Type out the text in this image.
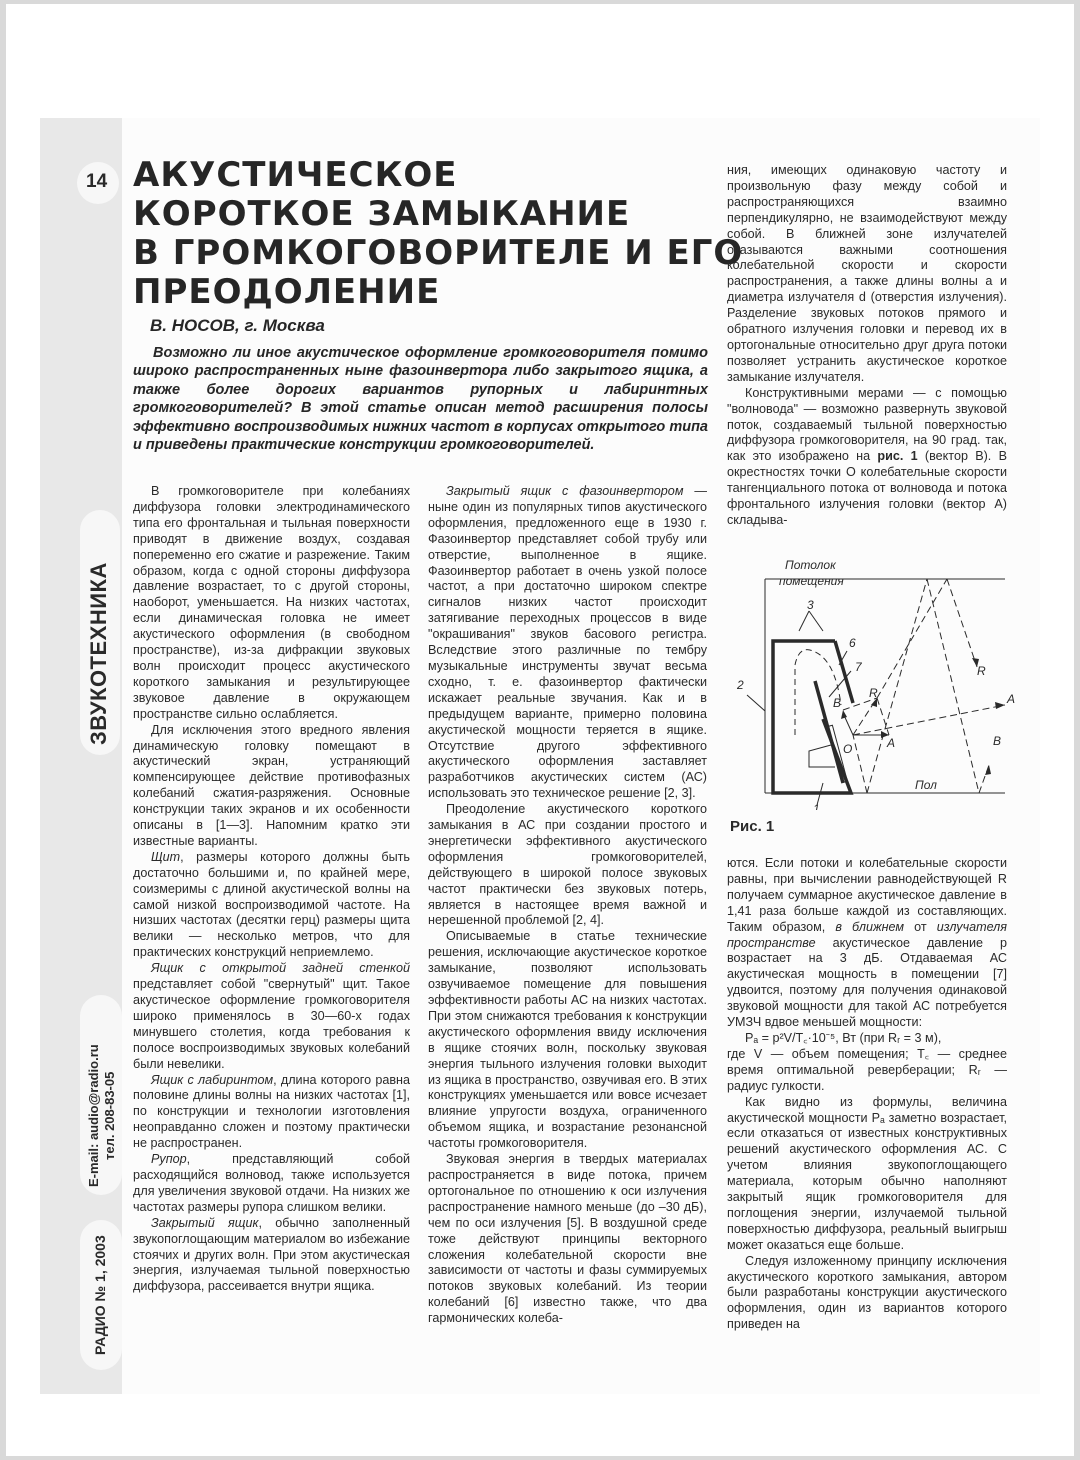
14
ЗВУКОТЕХНИКА
E-mail: audio@radio.ru тел. 208-83-05
РАДИО № 1, 2003
АКУСТИЧЕСКОЕ
КОРОТКОЕ ЗАМЫКАНИЕ
В ГРОМКОГОВОРИТЕЛЕ И ЕГО
ПРЕОДОЛЕНИЕ
В. НОСОВ, г. Москва
Возможно ли иное акустическое оформление громкоговорителя помимо широко распространенных ныне фазоинвертора либо закрытого ящика, а также более дорогих вариантов рупорных и лабиринтных громкоговорителей? В этой статье описан метод расширения полосы эффективно воспроизводимых нижних частот в корпусах открытого типа и приведены практические конструкции громкоговорителей.

В громкоговорителе при колебаниях диффузора головки электродинамического типа его фронтальная и тыльная поверхности приводят в движение воздух, создавая попеременно его сжатие и разрежение. Таким образом, когда с одной стороны диффузора давление возрастает, то с другой стороны, наоборот, уменьшается. На низких частотах, если динамическая головка не имеет акустического оформления (в свободном пространстве), из-за дифракции звуковых волн происходит процесс акустического короткого замыкания и результирующее звуковое давление в окружающем пространстве сильно ослабляется.

Для исключения этого вредного явления динамическую головку помещают в акустический экран, устраняющий компенсирующее действие противофазных колебаний сжатия-разряжения. Основные конструкции таких экранов и их особенности описаны в [1—3]. Напомним кратко эти известные варианты.

Щит, размеры которого должны быть достаточно большими и, по крайней мере, соизмеримы с длиной акустической волны на самой низкой воспроизводимой частоте. На низших частотах (десятки герц) размеры щита велики — несколько метров, что для практических конструкций неприемлемо.

Ящик с открытой задней стенкой представляет собой "свернутый" щит. Такое акустическое оформление громкоговорителя широко применялось в 30—60-х годах минувшего столетия, когда требования к полосе воспроизводимых звуковых колебаний были невелики.

Ящик с лабиринтом, длина которого равна половине длины волны на низких частотах [1], по конструкции и технологии изготовления неоправданно сложен и поэтому практически не распространен.

Рупор, представляющий собой расходящийся волновод, также используется для увеличения звуковой отдачи. На низких же частотах размеры рупора слишком велики.

Закрытый ящик, обычно заполненный звукопоглощающим материалом во избежание стоячих и других волн. При этом акустическая энергия, излучаемая тыльной поверхностью диффузора, рассеивается внутри ящика.

Закрытый ящик с фазоинвертором — ныне один из популярных типов акустического оформления, предложенного еще в 1930 г. Фазоинвертор представляет собой трубу или отверстие, выполненное в ящике. Фазоинвертор работает в очень узкой полосе частот, а при достаточно широком спектре сигналов низких частот происходит затягивание переходных процессов в виде "окрашивания" звуков басового регистра. Вследствие этого различные по тембру музыкальные инструменты звучат весьма сходно, т. е. фазоинвертор фактически искажает реальные звучания. Как и в предыдущем варианте, примерно половина акустической мощности теряется в ящике. Отсутствие другого эффективного акустического оформления заставляет разработчиков акустических систем (АС) использовать это техническое решение [2, 3].

Преодоление акустического короткого замыкания в АС при создании простого и энергетически эффективного акустического оформления громкоговорителей, действующего в широкой полосе звуковых частот практически без звуковых потерь, является в настоящее время важной и нерешенной проблемой [2, 4].

Описываемые в статье технические решения, исключающие акустическое короткое замыкание, позволяют использовать озвучиваемое помещение для повышения эффективности работы АС на низких частотах. При этом снижаются требования к конструкции акустического оформления ввиду исключения в ящике стоячих волн, поскольку звуковая энергия тыльного излучения головки выходит из ящика в пространство, озвучивая его. В этих конструкциях уменьшается или вовсе исчезает влияние упругости воздуха, ограниченного объемом ящика, и возрастание резонансной частоты громкоговорителя.

Звуковая энергия в твердых материалах распространяется в виде потока, причем ортогональное по отношению к оси излучения распространение намного меньше (до –30 дБ), чем по оси излучения [5]. В воздушной среде тоже действуют принципы векторного сложения колебательной скорости вне зависимости от частоты и фазы суммируемых потоков звуковых колебаний. Из теории колебаний [6] известно также, что два гармонических колеба-

ния, имеющих одинаковую частоту и произвольную фазу между собой и распространяющихся взаимно перпендикулярно, не взаимодействуют между собой. В ближней зоне излучателей оказываются важными соотношения колебательной скорости и скорости распространения, а также длины волны a и диаметра излучателя d (отверстия излучения). Разделение звуковых потоков прямого и обратного излучения головки и перевод их в ортогональные относительно друг друга потоки позволяет устранить акустическое короткое замыкание излучателя.

Конструктивными мерами — с помощью "волновода" — возможно развернуть звуковой поток, создаваемый тыльной поверхностью диффузора громкоговорителя, на 90 град. так, как это изображено на рис. 1 (вектор B). В окрестностях точки O колебательные скорости тангенциального потока от волновода и потока фронтального излучения головки (вектор A) складыва-

Потолок
помещения
Пол
3
6
7
2
1
B
R
A
O
R
A
B
Рис. 1

ются. Если потоки и колебательные скорости равны, при вычислении равнодействующей R получаем суммарное акустическое давление в 1,41 раза больше каждой из составляющих. Таким образом, в ближнем от излучателя пространстве акустическое давление р возрастает на 3 дБ. Отдаваемая АС акустическая мощность в помещении [7] удвоится, поэтому для получения одинаковой звуковой мощности для такой АС потребуется УМЗЧ вдвое меньшей мощности:

Pₐ = p²V/T꜀·10⁻⁵, Вт (при Rᵣ = 3 м),

где V — объем помещения; T꜀ — среднее время оптимальной реверберации; Rᵣ — радиус гулкости.

Как видно из формулы, величина акустической мощности Pₐ заметно возрастает, если отказаться от известных конструктивных решений акустического оформления АС. С учетом влияния звукопоглощающего материала, которым обычно наполняют закрытый ящик громкоговорителя для поглощения энергии, излучаемой тыльной поверхностью диффузора, реальный выигрыш может оказаться еще больше.

Следуя изложенному принципу исключения акустического короткого замыкания, автором были разработаны конструкции акустического оформления, один из вариантов которого приведен на
